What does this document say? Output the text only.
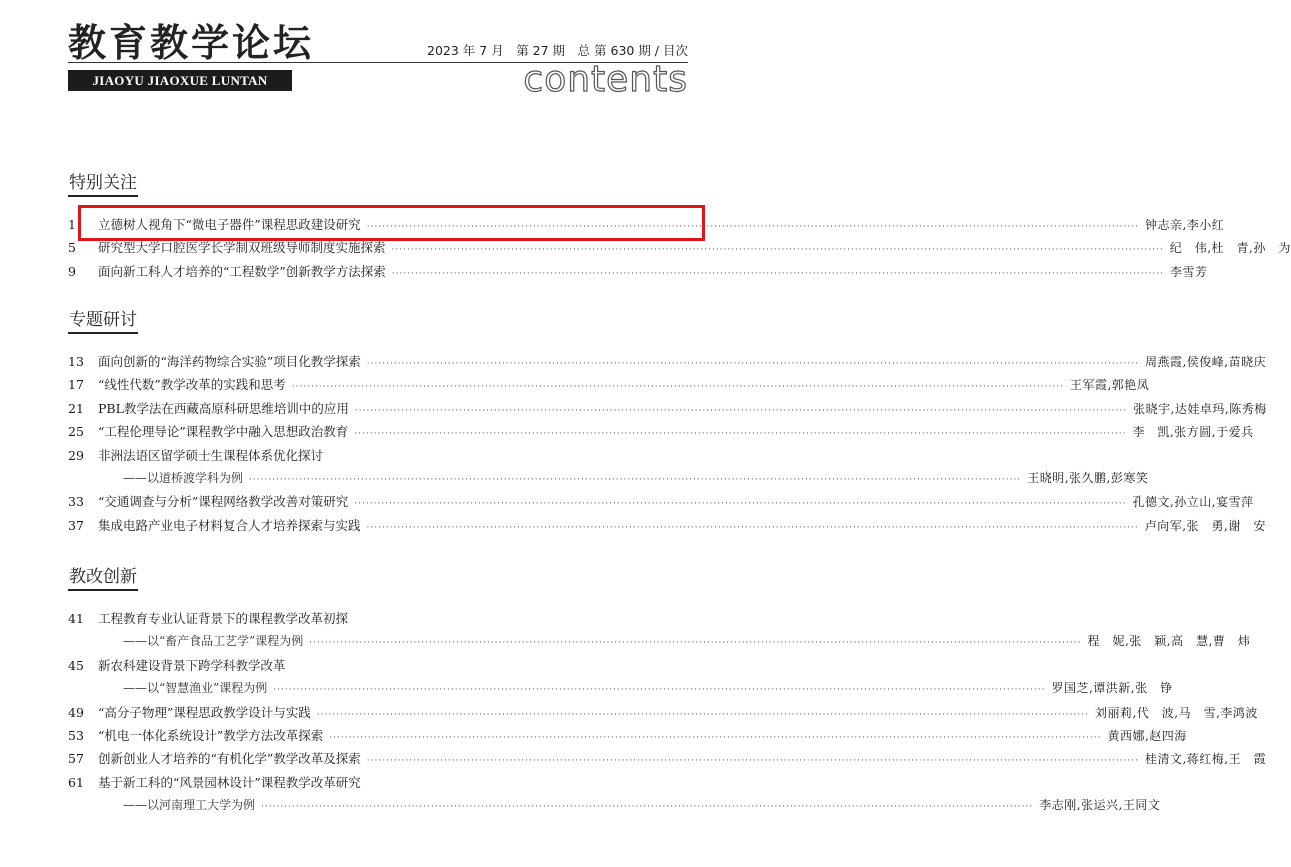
教育教学论坛	2023 年 7 月　第 27 期　总 第 630 期 / 目次
JIAOYU JIAOXUE LUNTAN	contents
特别关注
1	立德树人视角下“微电子器件”课程思政建设研究 ········································································································································································································ 钟志亲,李小红
5	研究型大学口腔医学长学制双班级导师制度实施探索 ········································································································································································································ 纪　伟,杜　青,孙　为
9	面向新工科人才培养的“工程数学”创新教学方法探索 ········································································································································································································ 李雪芳
专题研讨
13	面向创新的“海洋药物综合实验”项目化教学探索 ········································································································································································································ 周燕霞,侯俊峰,苗晓庆
17	“线性代数”教学改革的实践和思考 ········································································································································································································ 王军霞,郭艳凤
21	PBL教学法在西藏高原科研思维培训中的应用 ········································································································································································································ 张晓宇,达娃卓玛,陈秀梅
25	“工程伦理导论”课程教学中融入思想政治教育 ········································································································································································································ 李　凯,张方圆,于爱兵
29	非洲法语区留学硕士生课程体系优化探讨
——以道桥渡学科为例 ········································································································································································································ 王晓明,张久鹏,彭寒笑
33	“交通调查与分析”课程网络教学改善对策研究 ········································································································································································································ 孔德文,孙立山,宴雪萍
37	集成电路产业电子材料复合人才培养探索与实践 ········································································································································································································ 卢向军,张　勇,谢　安
教改创新
41	工程教育专业认证背景下的课程教学改革初探
——以“畜产食品工艺学”课程为例 ········································································································································································································ 程　妮,张　颖,高　慧,曹　炜
45	新农科建设背景下跨学科教学改革
——以“智慧渔业”课程为例 ········································································································································································································ 罗国芝,谭洪新,张　铮
49	“高分子物理”课程思政教学设计与实践 ········································································································································································································ 刘丽莉,代　波,马　雪,李鸿波
53	“机电一体化系统设计”教学方法改革探索 ········································································································································································································ 黄西娜,赵四海
57	创新创业人才培养的“有机化学”教学改革及探索 ········································································································································································································ 桂清文,蒋红梅,王　霞
61	基于新工科的“风景园林设计”课程教学改革研究
——以河南理工大学为例 ········································································································································································································ 李志刚,张运兴,王同文
